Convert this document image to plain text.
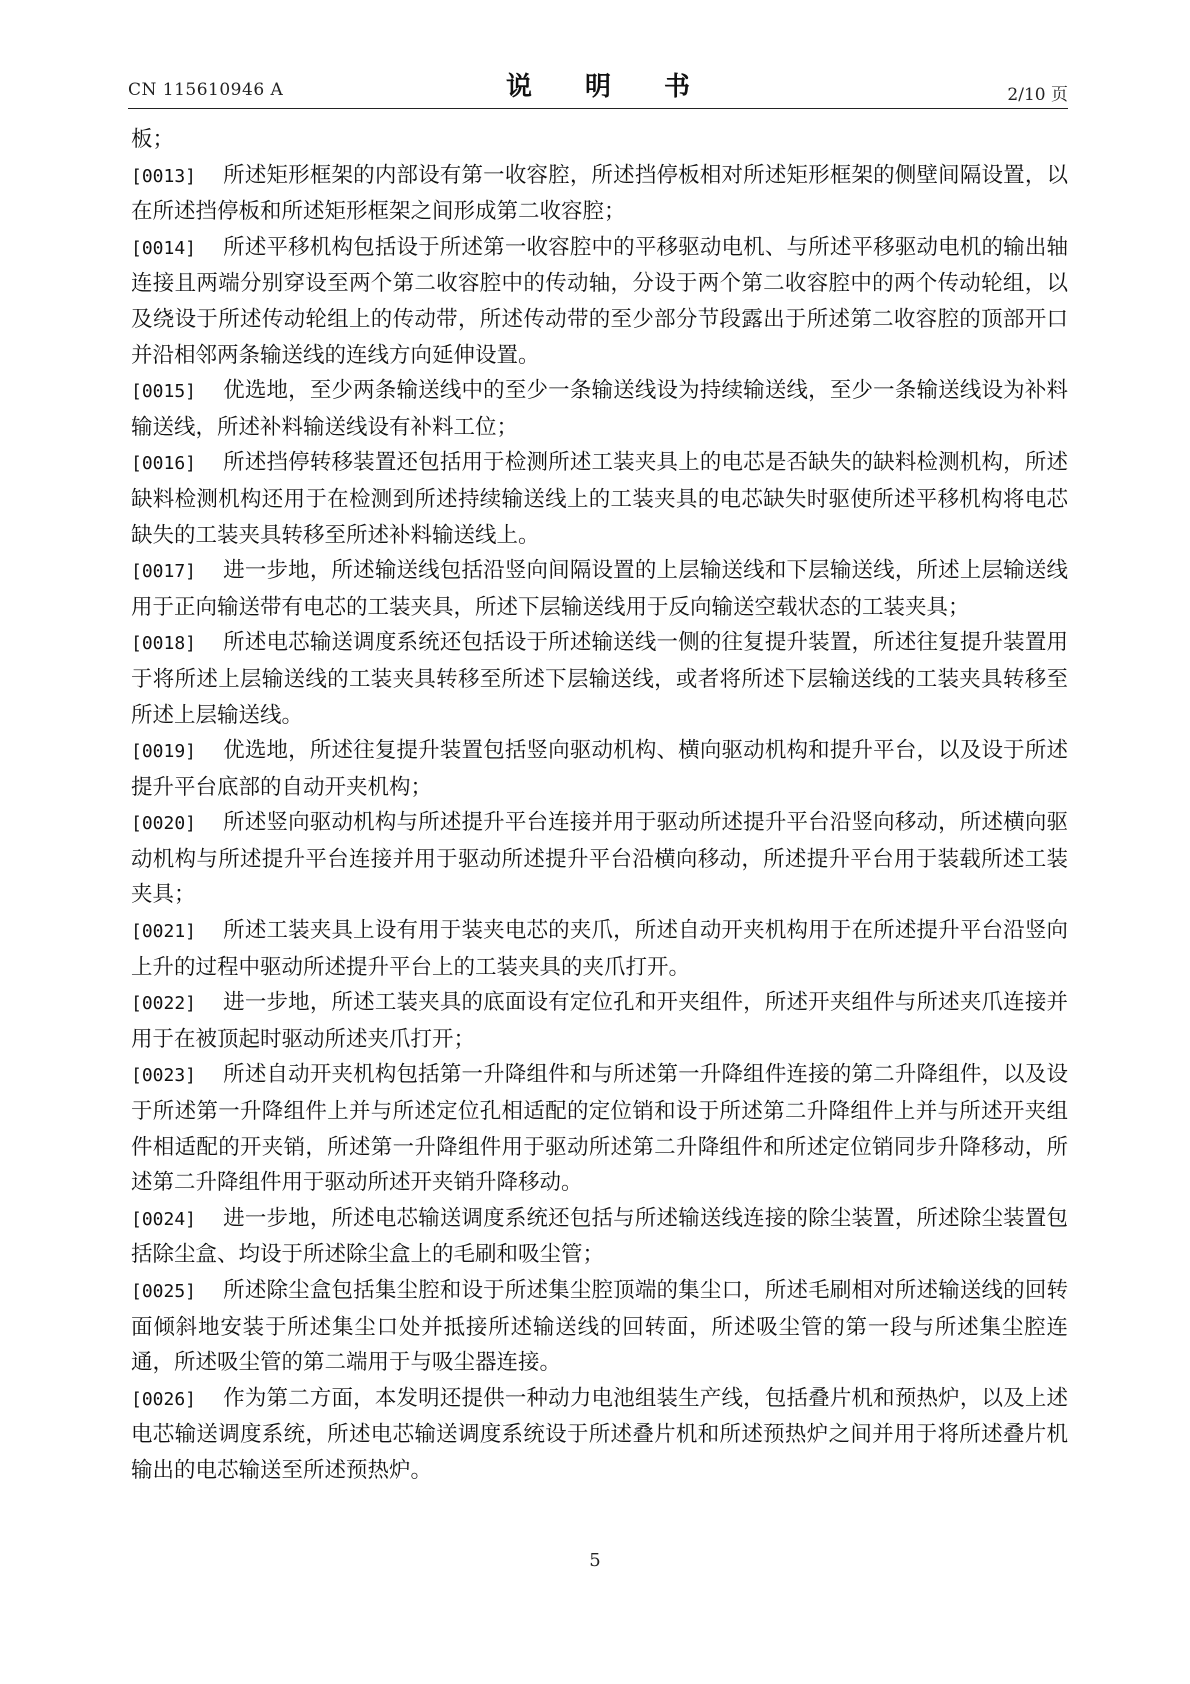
CN 115610946 A	说 明 书	2/10 页

板；

[0013] 所述矩形框架的内部设有第一收容腔，所述挡停板相对所述矩形框架的侧壁间隔设置，以在所述挡停板和所述矩形框架之间形成第二收容腔；

[0014] 所述平移机构包括设于所述第一收容腔中的平移驱动电机、与所述平移驱动电机的输出轴连接且两端分别穿设至两个第二收容腔中的传动轴，分设于两个第二收容腔中的两个传动轮组，以及绕设于所述传动轮组上的传动带，所述传动带的至少部分节段露出于所述第二收容腔的顶部开口并沿相邻两条输送线的连线方向延伸设置。

[0015] 优选地，至少两条输送线中的至少一条输送线设为持续输送线，至少一条输送线设为补料输送线，所述补料输送线设有补料工位；

[0016] 所述挡停转移装置还包括用于检测所述工装夹具上的电芯是否缺失的缺料检测机构，所述缺料检测机构还用于在检测到所述持续输送线上的工装夹具的电芯缺失时驱使所述平移机构将电芯缺失的工装夹具转移至所述补料输送线上。

[0017] 进一步地，所述输送线包括沿竖向间隔设置的上层输送线和下层输送线，所述上层输送线用于正向输送带有电芯的工装夹具，所述下层输送线用于反向输送空载状态的工装夹具；

[0018] 所述电芯输送调度系统还包括设于所述输送线一侧的往复提升装置，所述往复提升装置用于将所述上层输送线的工装夹具转移至所述下层输送线，或者将所述下层输送线的工装夹具转移至所述上层输送线。

[0019] 优选地，所述往复提升装置包括竖向驱动机构、横向驱动机构和提升平台，以及设于所述提升平台底部的自动开夹机构；

[0020] 所述竖向驱动机构与所述提升平台连接并用于驱动所述提升平台沿竖向移动，所述横向驱动机构与所述提升平台连接并用于驱动所述提升平台沿横向移动，所述提升平台用于装载所述工装夹具；

[0021] 所述工装夹具上设有用于装夹电芯的夹爪，所述自动开夹机构用于在所述提升平台沿竖向上升的过程中驱动所述提升平台上的工装夹具的夹爪打开。

[0022] 进一步地，所述工装夹具的底面设有定位孔和开夹组件，所述开夹组件与所述夹爪连接并用于在被顶起时驱动所述夹爪打开；

[0023] 所述自动开夹机构包括第一升降组件和与所述第一升降组件连接的第二升降组件，以及设于所述第一升降组件上并与所述定位孔相适配的定位销和设于所述第二升降组件上并与所述开夹组件相适配的开夹销，所述第一升降组件用于驱动所述第二升降组件和所述定位销同步升降移动，所述第二升降组件用于驱动所述开夹销升降移动。

[0024] 进一步地，所述电芯输送调度系统还包括与所述输送线连接的除尘装置，所述除尘装置包括除尘盒、均设于所述除尘盒上的毛刷和吸尘管；

[0025] 所述除尘盒包括集尘腔和设于所述集尘腔顶端的集尘口，所述毛刷相对所述输送线的回转面倾斜地安装于所述集尘口处并抵接所述输送线的回转面，所述吸尘管的第一段与所述集尘腔连通，所述吸尘管的第二端用于与吸尘器连接。

[0026] 作为第二方面，本发明还提供一种动力电池组装生产线，包括叠片机和预热炉，以及上述电芯输送调度系统，所述电芯输送调度系统设于所述叠片机和所述预热炉之间并用于将所述叠片机输出的电芯输送至所述预热炉。

5
